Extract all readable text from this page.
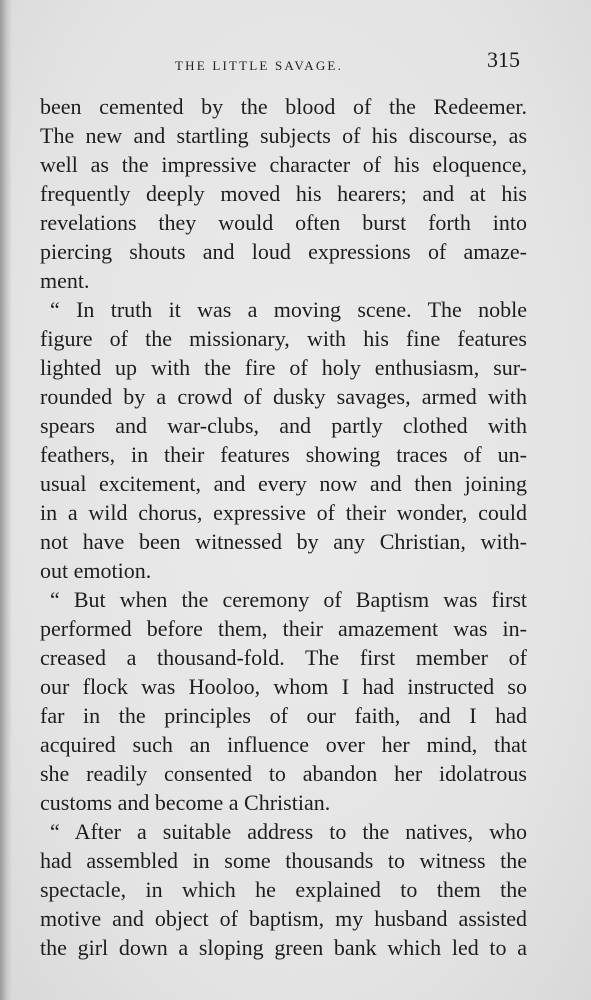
THE LITTLE SAVAGE.	315
been cemented by the blood of the Redeemer.
The new and startling subjects of his discourse, as
well as the impressive character of his eloquence,
frequently deeply moved his hearers; and at his
revelations they would often burst forth into
piercing shouts and loud expressions of amaze-
ment.
“ In truth it was a moving scene. The noble
figure of the missionary, with his fine features
lighted up with the fire of holy enthusiasm, sur-
rounded by a crowd of dusky savages, armed with
spears and war-clubs, and partly clothed with
feathers, in their features showing traces of un-
usual excitement, and every now and then joining
in a wild chorus, expressive of their wonder, could
not have been witnessed by any Christian, with-
out emotion.
“ But when the ceremony of Baptism was first
performed before them, their amazement was in-
creased a thousand-fold. The first member of
our flock was Hooloo, whom I had instructed so
far in the principles of our faith, and I had
acquired such an influence over her mind, that
she readily consented to abandon her idolatrous
customs and become a Christian.
“ After a suitable address to the natives, who
had assembled in some thousands to witness the
spectacle, in which he explained to them the
motive and object of baptism, my husband assisted
the girl down a sloping green bank which led to a
